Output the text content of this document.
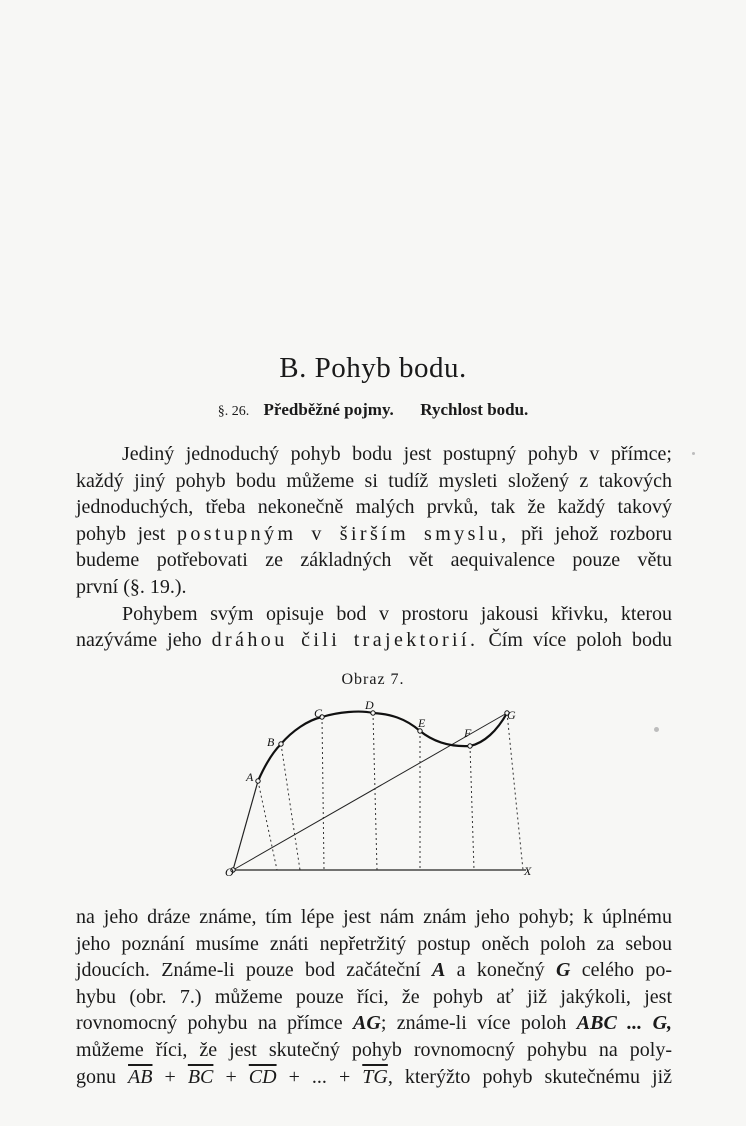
B. Pohyb bodu.
§. 26. Předběžné pojmy. Rychlost bodu.
Jediný jednoduchý pohyb bodu jest postupný pohyb v přímce;
každý jiný pohyb bodu můžeme si tudíž mysleti složený z takových
jednoduchých, třeba nekonečně malých prvků, tak že každý takový
pohyb jest postupným v širším smyslu, při jehož rozboru
budeme potřebovati ze základných vět aequivalence pouze větu
první (§. 19.).
Pohybem svým opisuje bod v prostoru jakousi křivku, kterou
nazýváme jeho dráhou čili trajektorií. Čím více poloh bodu
Obraz 7.
O
A
B
C
D
E
F
G
X
na jeho dráze známe, tím lépe jest nám znám jeho pohyb; k úplnému
jeho poznání musíme znáti nepřetržitý postup oněch poloh za sebou
jdoucích. Známe-li pouze bod začáteční A a konečný G celého po-
hybu (obr. 7.) můžeme pouze říci, že pohyb ať již jakýkoli, jest
rovnomocný pohybu na přímce AG; známe-li více poloh ABC ... G,
můžeme říci, že jest skutečný pohyb rovnomocný pohybu na poly-
gonu $\overline{AB} + \overline{BC} + \overline{CD}$ + ... + $\overline{TG}$, kterýžto pohyb skutečnému již
